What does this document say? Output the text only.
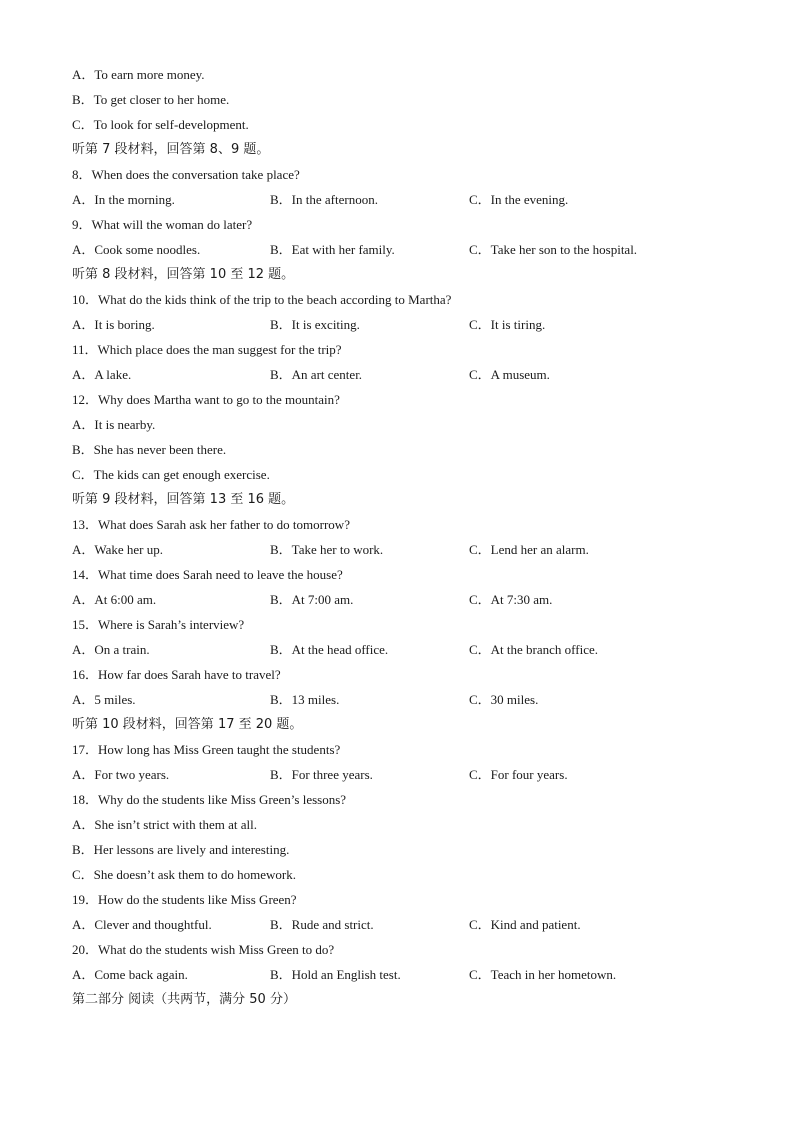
A．To earn more money.
B．To get closer to her home.
C．To look for self-development.
听第 7 段材料，回答第 8、9 题。
8．When does the conversation take place?
A．In the morning.	B．In the afternoon.	C．In the evening.
9．What will the woman do later?
A．Cook some noodles.	B．Eat with her family.	C．Take her son to the hospital.
听第 8 段材料，回答第 10 至 12 题。
10．What do the kids think of the trip to the beach according to Martha?
A．It is boring.	B．It is exciting.	C．It is tiring.
11．Which place does the man suggest for the trip?
A．A lake.	B．An art center.	C．A museum.
12．Why does Martha want to go to the mountain?
A．It is nearby.
B．She has never been there.
C．The kids can get enough exercise.
听第 9 段材料，回答第 13 至 16 题。
13．What does Sarah ask her father to do tomorrow?
A．Wake her up.	B．Take her to work.	C．Lend her an alarm.
14．What time does Sarah need to leave the house?
A．At 6:00 am.	B．At 7:00 am.	C．At 7:30 am.
15．Where is Sarah’s interview?
A．On a train.	B．At the head office.	C．At the branch office.
16．How far does Sarah have to travel?
A．5 miles.	B．13 miles.	C．30 miles.
听第 10 段材料，回答第 17 至 20 题。
17．How long has Miss Green taught the students?
A．For two years.	B．For three years.	C．For four years.
18．Why do the students like Miss Green’s lessons?
A．She isn’t strict with them at all.
B．Her lessons are lively and interesting.
C．She doesn’t ask them to do homework.
19．How do the students like Miss Green?
A．Clever and thoughtful.	B．Rude and strict.	C．Kind and patient.
20．What do the students wish Miss Green to do?
A．Come back again.	B．Hold an English test.	C．Teach in her hometown.
第二部分 阅读（共两节，满分 50 分）
